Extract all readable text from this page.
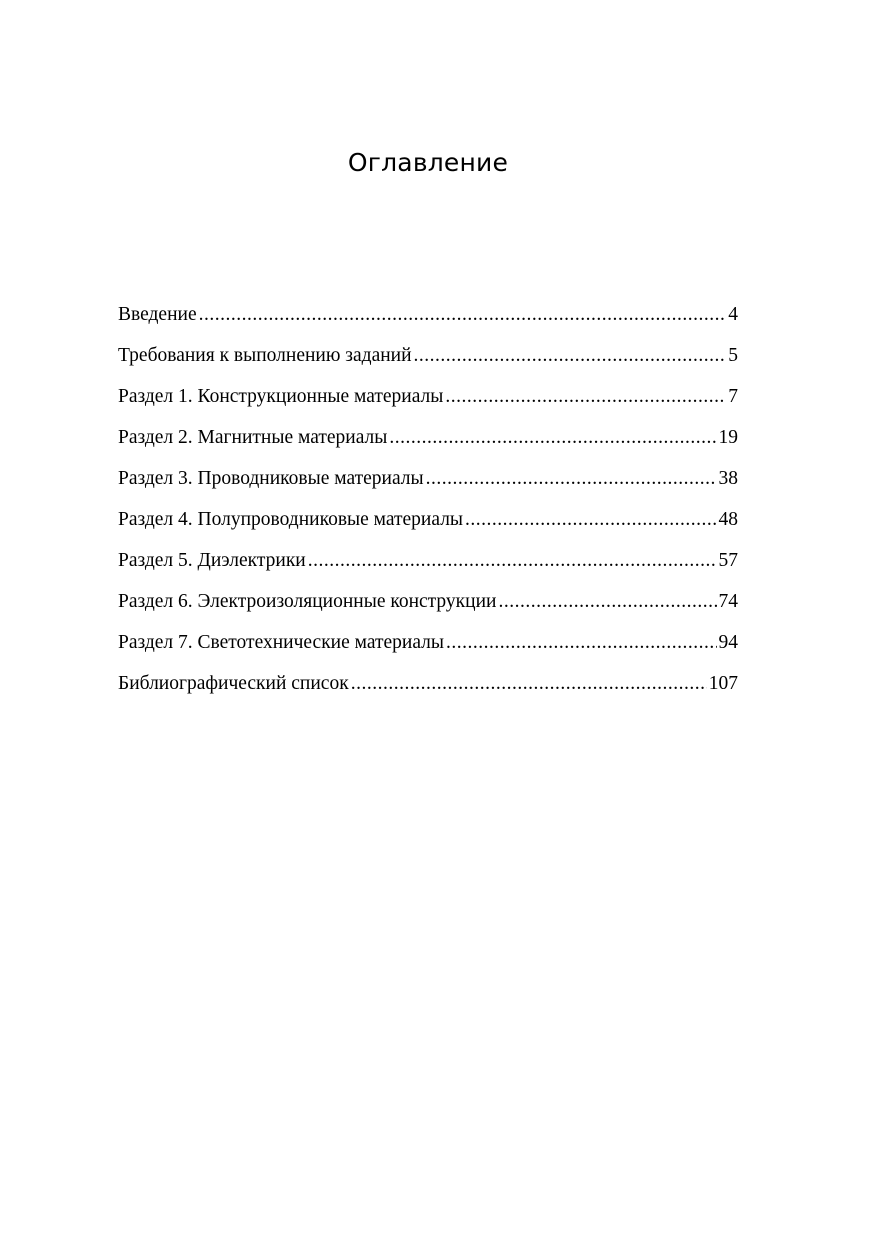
Оглавление
Введение .....	4
Требования к выполнению заданий .....	5
Раздел 1. Конструкционные материалы .....	7
Раздел 2. Магнитные материалы .....	19
Раздел 3. Проводниковые материалы .....	38
Раздел 4. Полупроводниковые материалы .....	48
Раздел 5. Диэлектрики .....	57
Раздел 6. Электроизоляционные конструкции .....	74
Раздел 7. Светотехнические материалы .....	94
Библиографический список .....	107
